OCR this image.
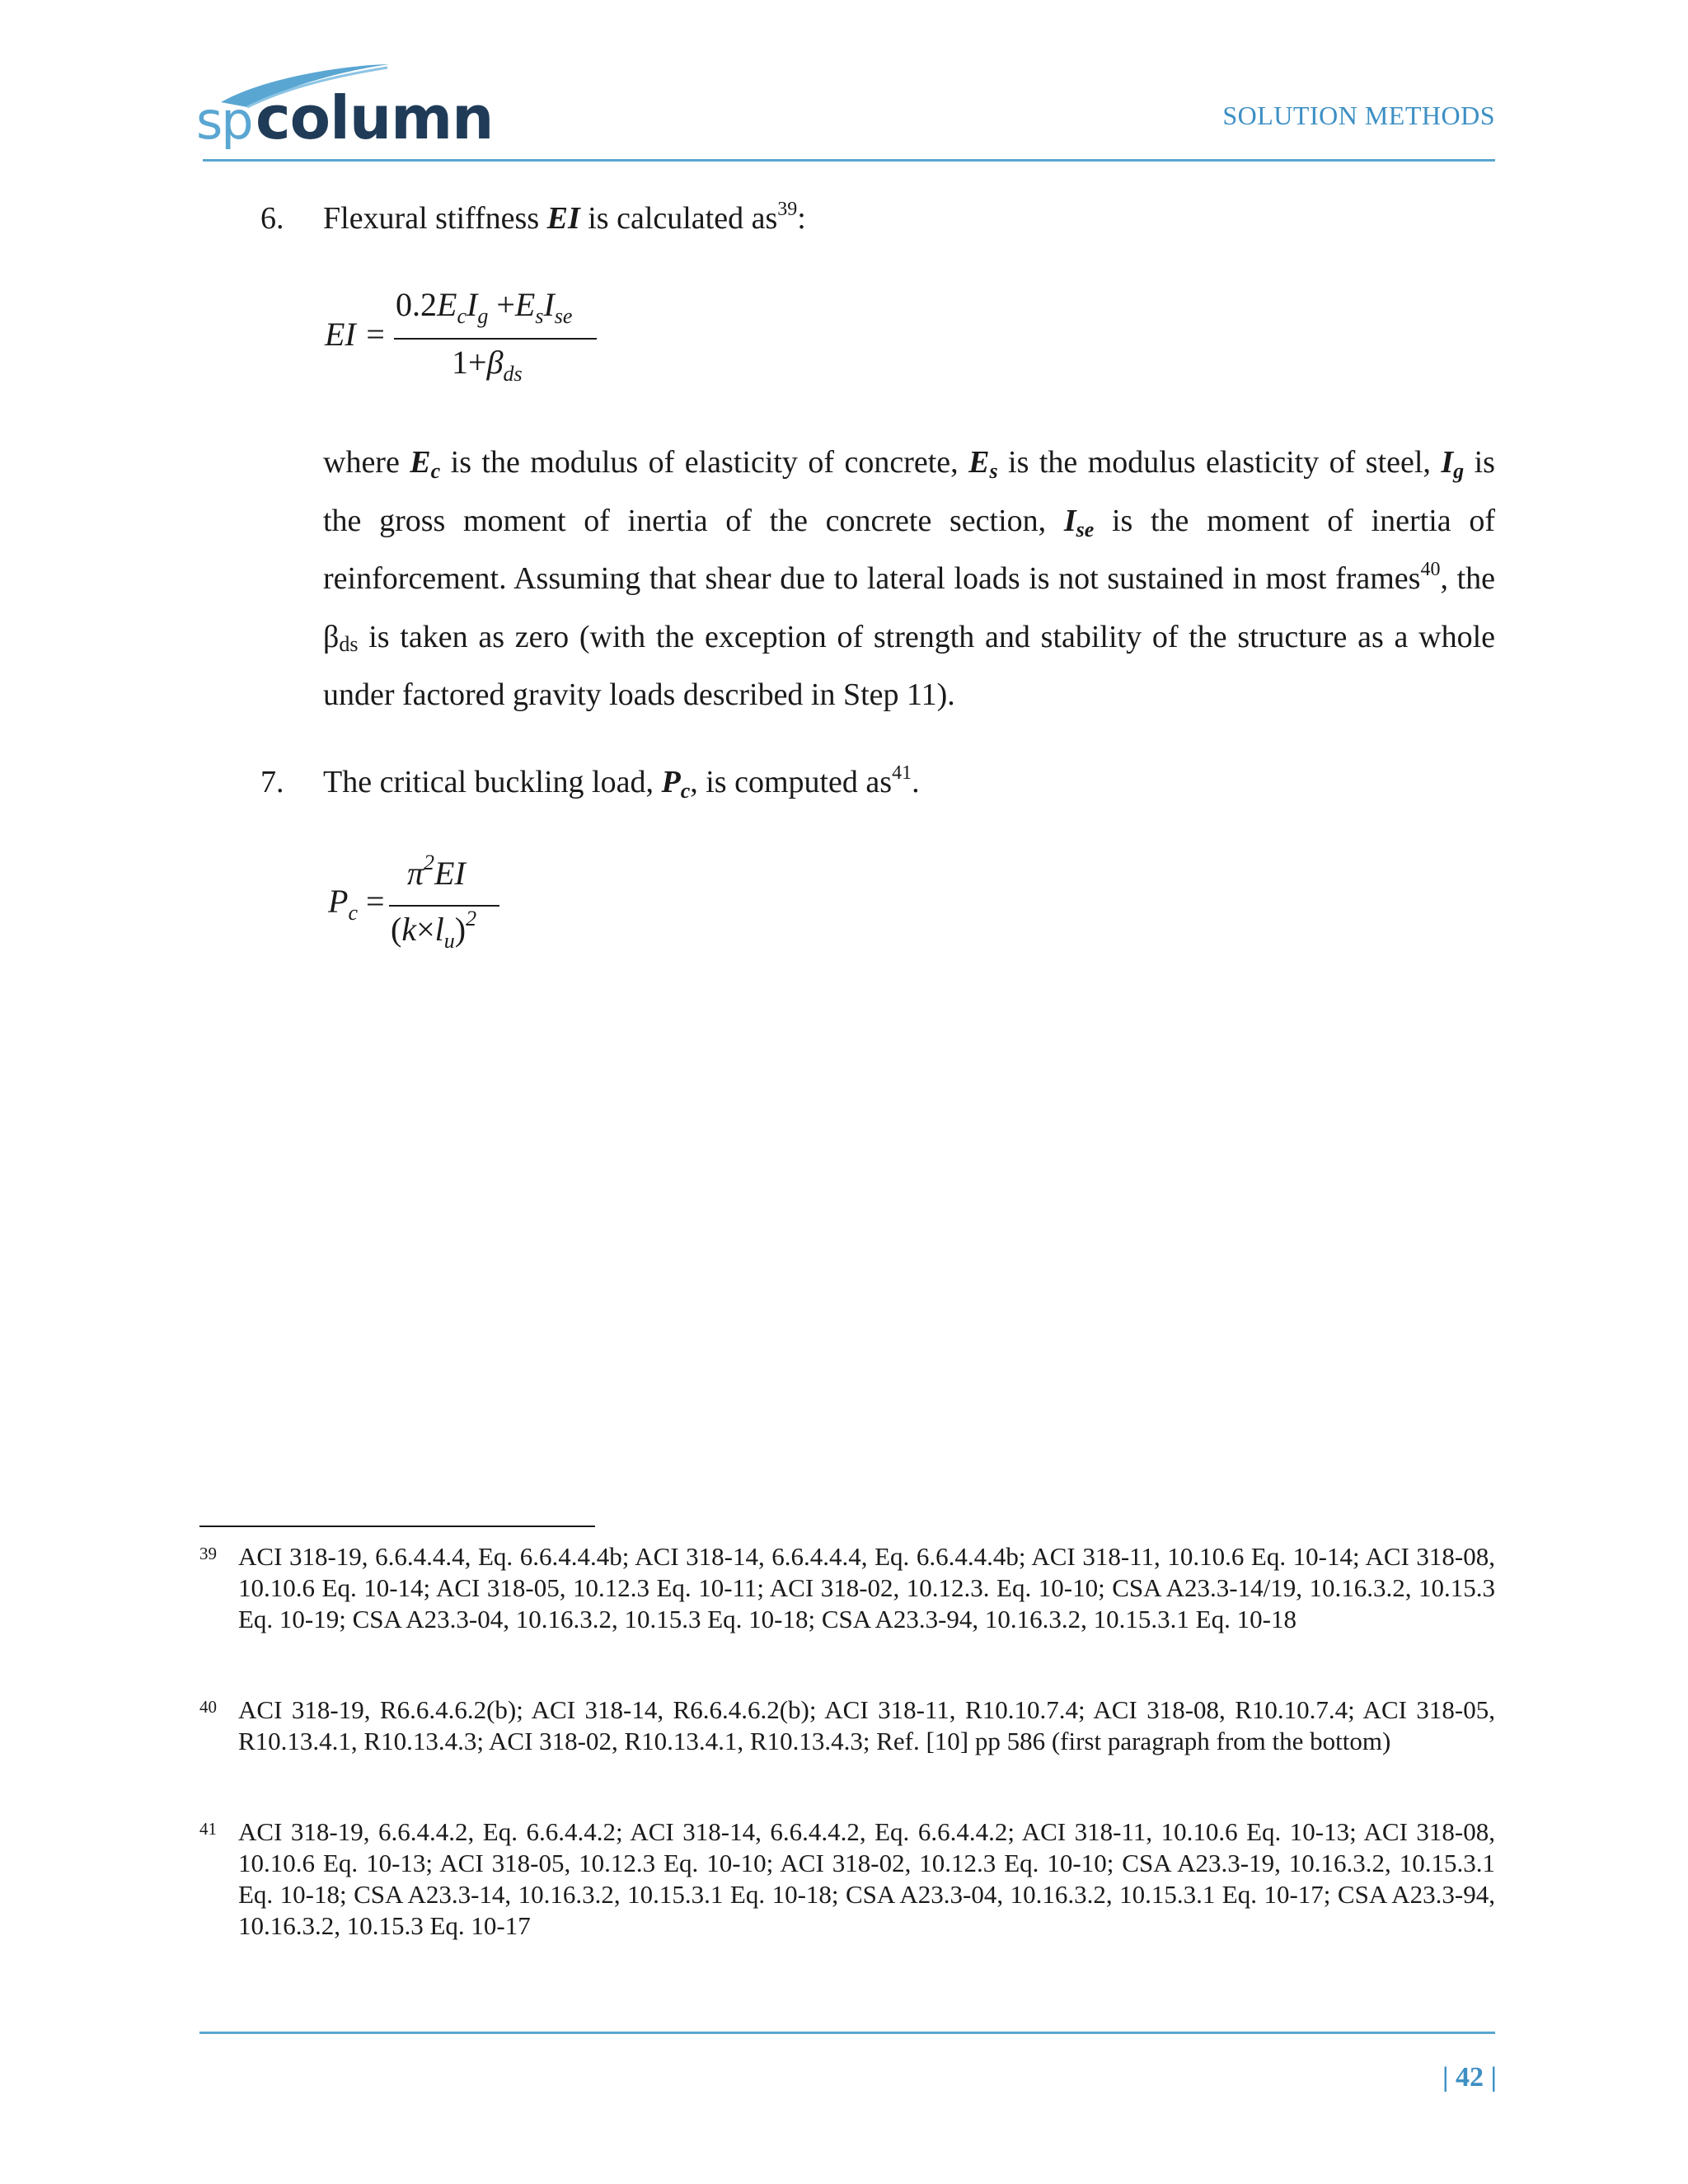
sp column	SOLUTION METHODS
6. Flexural stiffness EI is calculated as$^{39}$:
EI =
$0.2E_cI_g +E_sI_{se}$
$1+\beta_{ds}$
where $E_c$ is the modulus of elasticity of concrete, $E_s$ is the modulus elasticity of steel, $I_g$ is the gross moment of inertia of the concrete section, $I_{se}$ is the moment of inertia of reinforcement. Assuming that shear due to lateral loads is not sustained in most frames$^{40}$, the βds is taken as zero (with the exception of strength and stability of the structure as a whole under factored gravity loads described in Step 11).
7. The critical buckling load, $P_c$, is computed as$^{41}$.
$P_c$ =
$\pi^2EI$
$(k\times l_u)^2$
39 ACI 318-19, 6.6.4.4.4, Eq. 6.6.4.4.4b; ACI 318-14, 6.6.4.4.4, Eq. 6.6.4.4.4b; ACI 318-11, 10.10.6 Eq. 10-14; ACI 318-08, 10.10.6 Eq. 10-14; ACI 318-05, 10.12.3 Eq. 10-11; ACI 318-02, 10.12.3. Eq. 10-10; CSA A23.3-14/19, 10.16.3.2, 10.15.3 Eq. 10-19; CSA A23.3-04, 10.16.3.2, 10.15.3 Eq. 10-18; CSA A23.3-94, 10.16.3.2, 10.15.3.1 Eq. 10-18
40 ACI 318-19, R6.6.4.6.2(b); ACI 318-14, R6.6.4.6.2(b); ACI 318-11, R10.10.7.4; ACI 318-08, R10.10.7.4; ACI 318-05, R10.13.4.1, R10.13.4.3; ACI 318-02, R10.13.4.1, R10.13.4.3; Ref. [10] pp 586 (first paragraph from the bottom)
41 ACI 318-19, 6.6.4.4.2, Eq. 6.6.4.4.2; ACI 318-14, 6.6.4.4.2, Eq. 6.6.4.4.2; ACI 318-11, 10.10.6 Eq. 10-13; ACI 318-08, 10.10.6 Eq. 10-13; ACI 318-05, 10.12.3 Eq. 10-10; ACI 318-02, 10.12.3 Eq. 10-10; CSA A23.3-19, 10.16.3.2, 10.15.3.1 Eq. 10-18; CSA A23.3-14, 10.16.3.2, 10.15.3.1 Eq. 10-18; CSA A23.3-04, 10.16.3.2, 10.15.3.1 Eq. 10-17; CSA A23.3-94, 10.16.3.2, 10.15.3 Eq. 10-17
| 42 |
